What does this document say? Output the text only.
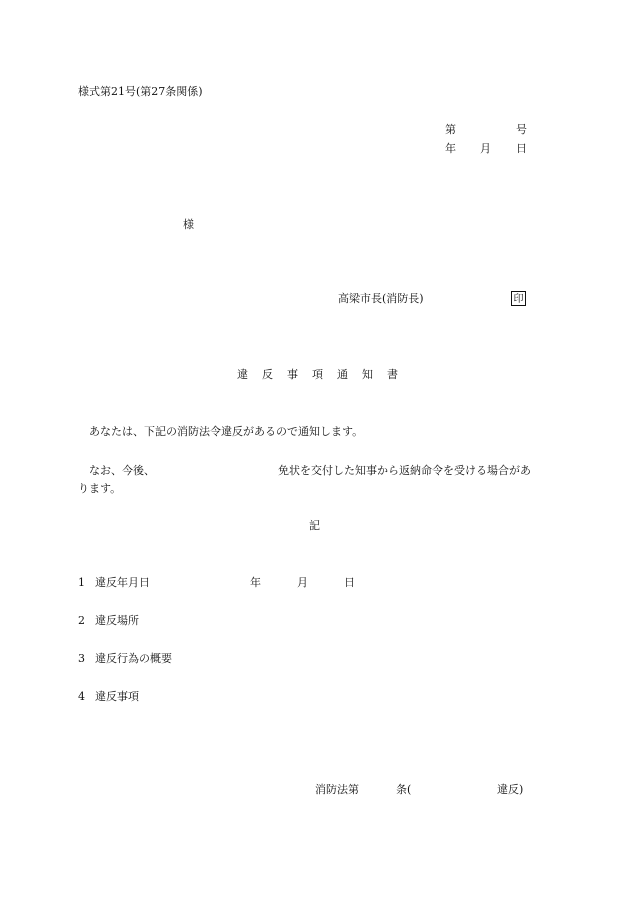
様式第21号(第27条関係)
第	号
年 月 日
様
高梁市長(消防長)	印
違 反 事 項 通 知 書
あなたは、下記の消防法令違反があるので通知します。
なお、今後、	免状を交付した知事から返納命令を受ける場合があ
ります。
記
1 違反年月日	年	月	日
2 違反場所
3 違反行為の概要
4 違反事項
消防法第	条(	違反)
